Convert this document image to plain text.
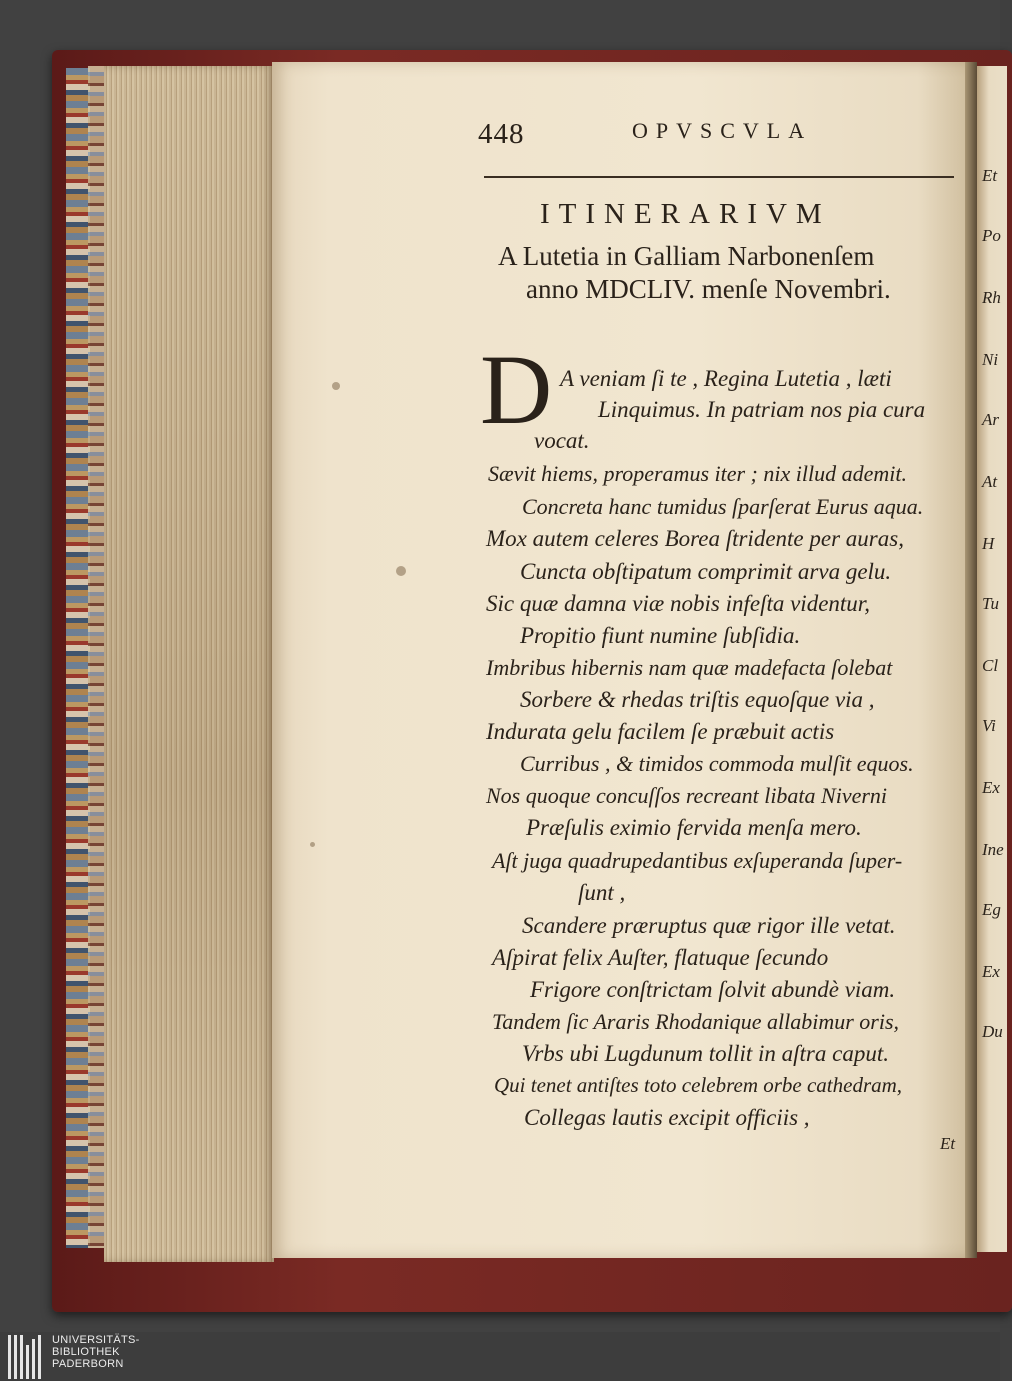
448	OPVSCVLA
ITINERARIVM
A Lutetia in Galliam Narbonenſem
anno MDCLIV. menſe Novembri.
D A veniam ſi te , Regina Lutetia , læti
Linquimus. In patriam nos pia cura
vocat.
Sævit hiems, properamus iter ; nix illud ademit.
Concreta hanc tumidus ſparſerat Eurus aqua.
Mox autem celeres Borea ſtridente per auras,
Cuncta obſtipatum comprimit arva gelu.
Sic quæ damna viæ nobis infeſta videntur,
Propitio fiunt numine ſubſidia.
Imbribus hibernis nam quæ madefacta ſolebat
Sorbere & rhedas triſtis equoſque via ,
Indurata gelu facilem ſe præbuit actis
Curribus , & timidos commoda mulſit equos.
Nos quoque concuſſos recreant libata Niverni
Præſulis eximio fervida menſa mero.
Aſt juga quadrupedantibus exſuperanda ſuper-
ſunt ,
Scandere præruptus quæ rigor ille vetat.
Aſpirat felix Auſter, flatuque ſecundo
Frigore conſtrictam ſolvit abundè viam.
Tandem ſic Araris Rhodanique allabimur oris,
Vrbs ubi Lugdunum tollit in aſtra caput.
Qui tenet antiſtes toto celebrem orbe cathedram,
Collegas lautis excipit officiis ,
Et
Et
Po
Rh
Ni
Ar
At
H
Tu
Cl
Vi
Ex
Ine
Eg
Ex
Du
UNIVERSITÄTS-
BIBLIOTHEK
PADERBORN
